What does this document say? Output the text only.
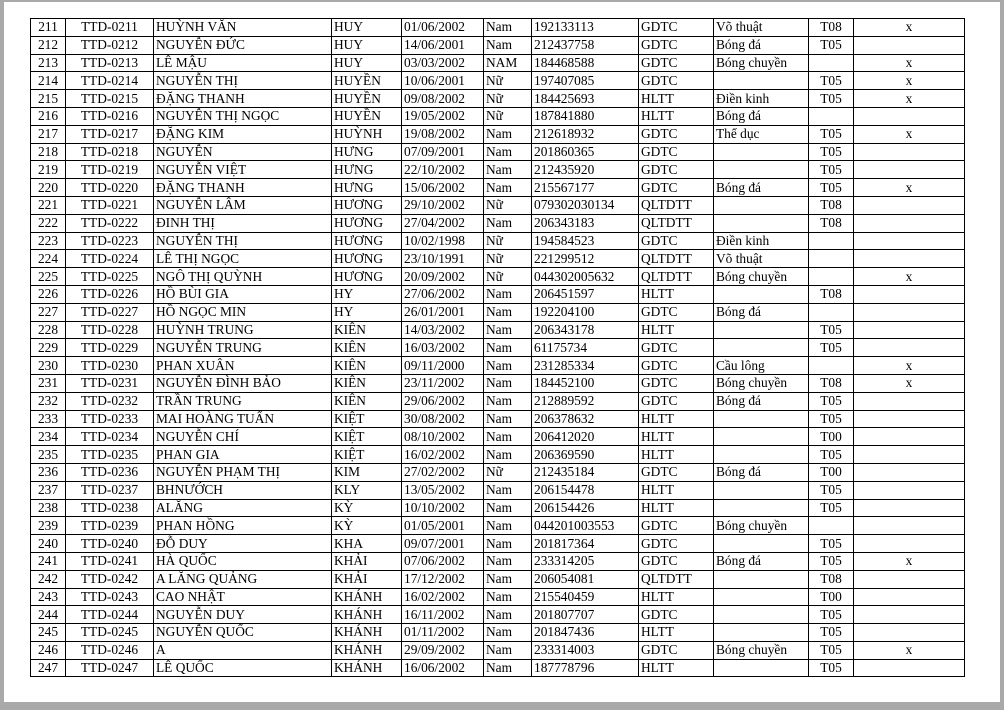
211	TTD-0211	HUỲNH VĂN	HUY	01/06/2002	Nam	192133113	GDTC	Võ thuật	T08	x
212	TTD-0212	NGUYỄN ĐỨC	HUY	14/06/2001	Nam	212437758	GDTC	Bóng đá	T05	
213	TTD-0213	LÊ MẬU	HUY	03/03/2002	NAM	184468588	GDTC	Bóng chuyền		x
214	TTD-0214	NGUYỄN THỊ	HUYỀN	10/06/2001	Nữ	197407085	GDTC		T05	x
215	TTD-0215	ĐẶNG THANH	HUYỀN	09/08/2002	Nữ	184425693	HLTT	Điền kinh	T05	x
216	TTD-0216	NGUYỄN THỊ NGỌC	HUYỀN	19/05/2002	Nữ	187841880	HLTT	Bóng đá		
217	TTD-0217	ĐẶNG KIM	HUỲNH	19/08/2002	Nam	212618932	GDTC	Thể dục	T05	x
218	TTD-0218	NGUYỄN	HƯNG	07/09/2001	Nam	201860365	GDTC		T05	
219	TTD-0219	NGUYỄN VIỆT	HƯNG	22/10/2002	Nam	212435920	GDTC		T05	
220	TTD-0220	ĐẶNG THANH	HƯNG	15/06/2002	Nam	215567177	GDTC	Bóng đá	T05	x
221	TTD-0221	NGUYỄN LÂM	HƯƠNG	29/10/2002	Nữ	079302030134	QLTDTT		T08	
222	TTD-0222	ĐINH THỊ	HƯƠNG	27/04/2002	Nam	206343183	QLTDTT		T08	
223	TTD-0223	NGUYỄN THỊ	HƯƠNG	10/02/1998	Nữ	194584523	GDTC	Điền kinh		
224	TTD-0224	LÊ THỊ NGỌC	HƯƠNG	23/10/1991	Nữ	221299512	QLTDTT	Võ thuật		
225	TTD-0225	NGÔ THỊ QUỲNH	HƯƠNG	20/09/2002	Nữ	044302005632	QLTDTT	Bóng chuyền		x
226	TTD-0226	HỒ BÙI GIA	HY	27/06/2002	Nam	206451597	HLTT		T08	
227	TTD-0227	HỒ NGỌC MIN	HY	26/01/2001	Nam	192204100	GDTC	Bóng đá		
228	TTD-0228	HUỲNH TRUNG	KIÊN	14/03/2002	Nam	206343178	HLTT		T05	
229	TTD-0229	NGUYỄN TRUNG	KIÊN	16/03/2002	Nam	61175734	GDTC		T05	
230	TTD-0230	PHAN XUÂN	KIÊN	09/11/2000	Nam	231285334	GDTC	Cầu lông		x
231	TTD-0231	NGUYỄN ĐÌNH BẢO	KIÊN	23/11/2002	Nam	184452100	GDTC	Bóng chuyền	T08	x
232	TTD-0232	TRẦN TRUNG	KIÊN	29/06/2002	Nam	212889592	GDTC	Bóng đá	T05	
233	TTD-0233	MAI HOÀNG TUẤN	KIỆT	30/08/2002	Nam	206378632	HLTT		T05	
234	TTD-0234	NGUYỄN CHÍ	KIỆT	08/10/2002	Nam	206412020	HLTT		T00	
235	TTD-0235	PHAN GIA	KIỆT	16/02/2002	Nam	206369590	HLTT		T05	
236	TTD-0236	NGUYỄN PHẠM THỊ	KIM	27/02/2002	Nữ	212435184	GDTC	Bóng đá	T00	
237	TTD-0237	BHNƯỚCH	KLY	13/05/2002	Nam	206154478	HLTT		T05	
238	TTD-0238	ALĂNG	KỲ	10/10/2002	Nam	206154426	HLTT		T05	
239	TTD-0239	PHAN HỒNG	KỲ	01/05/2001	Nam	044201003553	GDTC	Bóng chuyền		
240	TTD-0240	ĐỖ DUY	KHA	09/07/2001	Nam	201817364	GDTC		T05	
241	TTD-0241	HÀ QUỐC	KHẢI	07/06/2002	Nam	233314205	GDTC	Bóng đá	T05	x
242	TTD-0242	A LĂNG QUẢNG	KHẢI	17/12/2002	Nam	206054081	QLTDTT		T08	
243	TTD-0243	CAO NHẬT	KHÁNH	16/02/2002	Nam	215540459	HLTT		T00	
244	TTD-0244	NGUYỄN DUY	KHÁNH	16/11/2002	Nam	201807707	GDTC		T05	
245	TTD-0245	NGUYỄN QUỐC	KHÁNH	01/11/2002	Nam	201847436	HLTT		T05	
246	TTD-0246	A	KHÁNH	29/09/2002	Nam	233314003	GDTC	Bóng chuyền	T05	x
247	TTD-0247	LÊ QUỐC	KHÁNH	16/06/2002	Nam	187778796	HLTT		T05	
